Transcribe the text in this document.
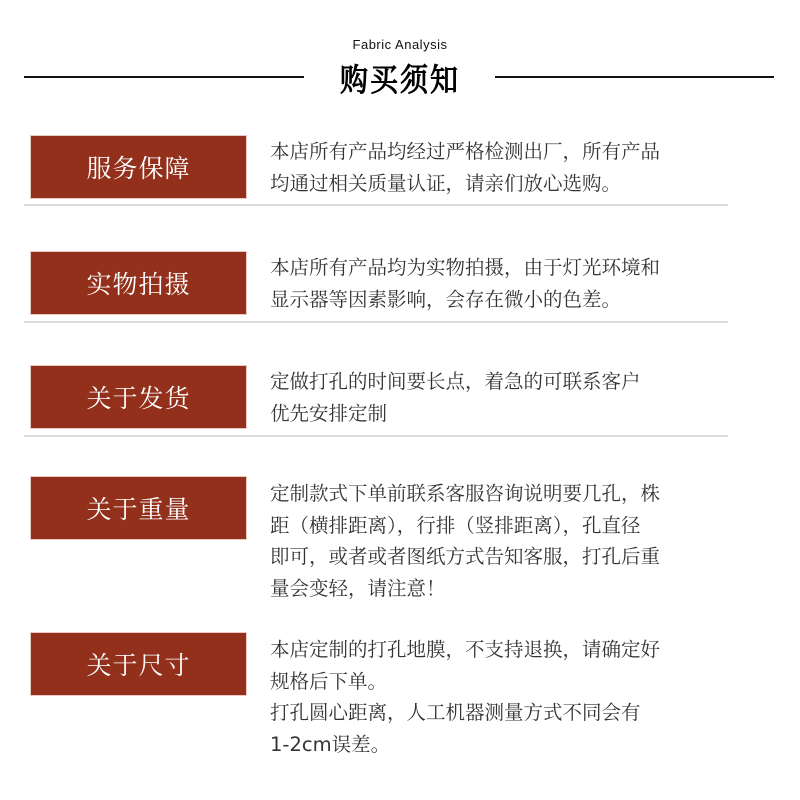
Fabric Analysis
购买须知
服务保障
本店所有产品均经过严格检测出厂，所有产品
均通过相关质量认证，请亲们放心选购。
实物拍摄
本店所有产品均为实物拍摄，由于灯光环境和
显示器等因素影响，会存在微小的色差。
关于发货
定做打孔的时间要长点，着急的可联系客户
优先安排定制
关于重量
定制款式下单前联系客服咨询说明要几孔，株
距（横排距离），行排（竖排距离），孔直径
即可，或者或者图纸方式告知客服，打孔后重
量会变轻，请注意！
关于尺寸
本店定制的打孔地膜，不支持退换，请确定好
规格后下单。
打孔圆心距离，人工机器测量方式不同会有
1-2cm误差。
